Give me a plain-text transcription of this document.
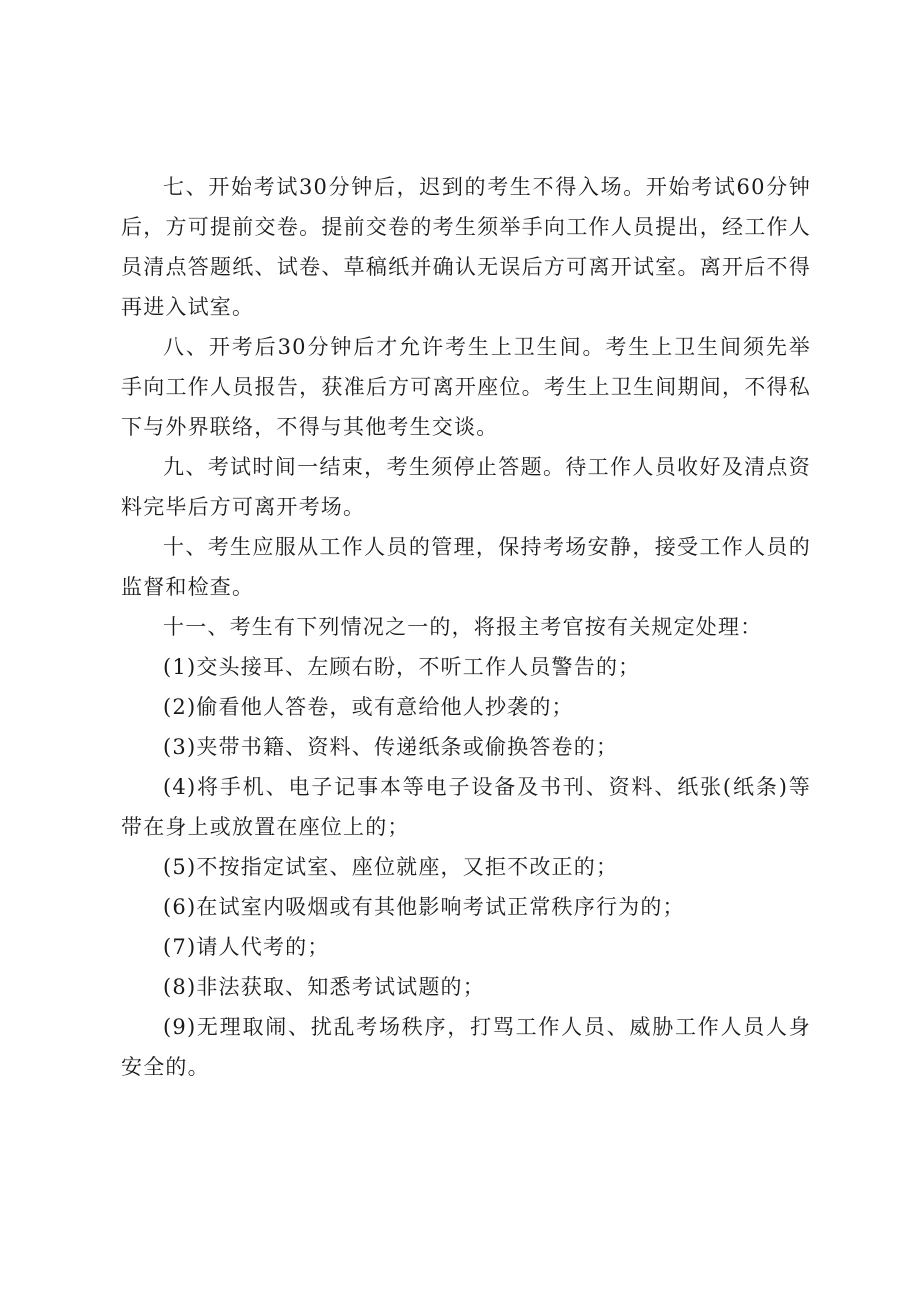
七、开始考试30分钟后，迟到的考生不得入场。开始考试60分钟后，方可提前交卷。提前交卷的考生须举手向工作人员提出，经工作人员清点答题纸、试卷、草稿纸并确认无误后方可离开试室。离开后不得再进入试室。

八、开考后30分钟后才允许考生上卫生间。考生上卫生间须先举手向工作人员报告，获准后方可离开座位。考生上卫生间期间，不得私下与外界联络，不得与其他考生交谈。

九、考试时间一结束，考生须停止答题。待工作人员收好及清点资料完毕后方可离开考场。

十、考生应服从工作人员的管理，保持考场安静，接受工作人员的监督和检查。

十一、考生有下列情况之一的，将报主考官按有关规定处理：

(1)交头接耳、左顾右盼，不听工作人员警告的；

(2)偷看他人答卷，或有意给他人抄袭的；

(3)夹带书籍、资料、传递纸条或偷换答卷的；

(4)将手机、电子记事本等电子设备及书刊、资料、纸张(纸条)等带在身上或放置在座位上的；

(5)不按指定试室、座位就座，又拒不改正的；

(6)在试室内吸烟或有其他影响考试正常秩序行为的；

(7)请人代考的；

(8)非法获取、知悉考试试题的；

(9)无理取闹、扰乱考场秩序，打骂工作人员、威胁工作人员人身安全的。
